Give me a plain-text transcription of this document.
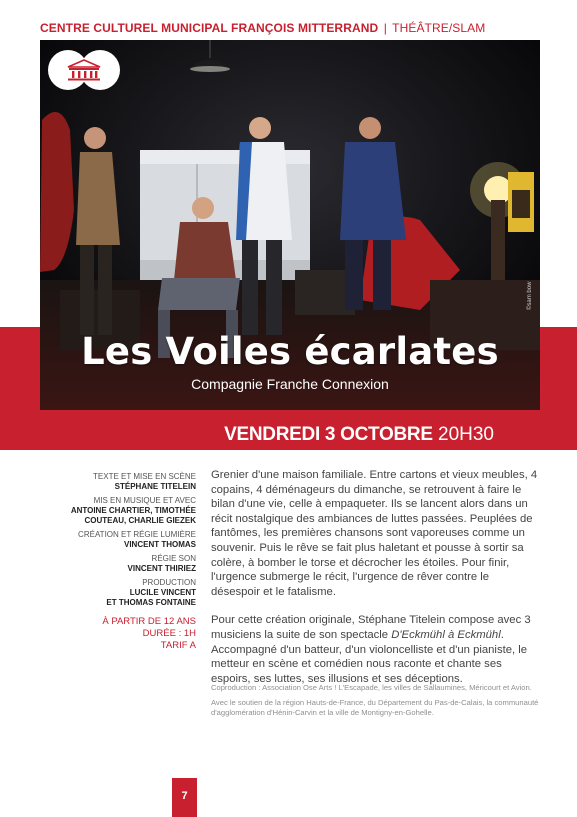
CENTRE CULTUREL MUNICIPAL FRANÇOIS MITTERRAND | THÉÂTRE/SLAM
Les Voiles écarlates
Compagnie Franche Connexion
©sam bow
VENDREDI 3 OCTOBRE 20H30
TEXTE ET MISE EN SCÈNE
STÉPHANE TITELEIN
MIS EN MUSIQUE ET AVEC
ANTOINE CHARTIER, TIMOTHÉE
COUTEAU, CHARLIE GIEZEK
CRÉATION ET RÉGIE LUMIÈRE
VINCENT THOMAS
RÉGIE SON
VINCENT THIRIEZ
PRODUCTION
LUCILE VINCENT
ET THOMAS FONTAINE
À PARTIR DE 12 ANS
DURÉE : 1H
TARIF A

Grenier d'une maison familiale. Entre cartons et vieux meubles, 4 copains, 4 déménageurs du dimanche, se retrouvent à faire le bilan d'une vie, celle à empaqueter. Ils se lancent alors dans un récit nostalgique des ambiances de luttes passées. Peuplées de fantômes, les premières chansons sont vaporeuses comme un souvenir. Puis le rêve se fait plus haletant et pousse à sortir sa colère, à bomber le torse et décrocher les étoiles. Pour finir, l'urgence submerge le récit, l'urgence de rêver contre le désespoir et le fatalisme.

Pour cette création originale, Stéphane Titelein compose avec 3 musiciens la suite de son spectacle D'Eckmühl à Eckmühl. Accompagné d'un batteur, d'un violoncelliste et d'un pianiste, le metteur en scène et comédien nous raconte et chante ses espoirs, ses luttes, ses illusions et ses déceptions.

Coproduction : Association Ose Arts ! L'Escapade, les villes de Sallaumines, Méricourt et Avion.

Avec le soutien de la région Hauts-de-France, du Département du Pas-de-Calais, la communauté d'agglomération d'Hénin-Carvin et la ville de Montigny-en-Gohelle.

7
